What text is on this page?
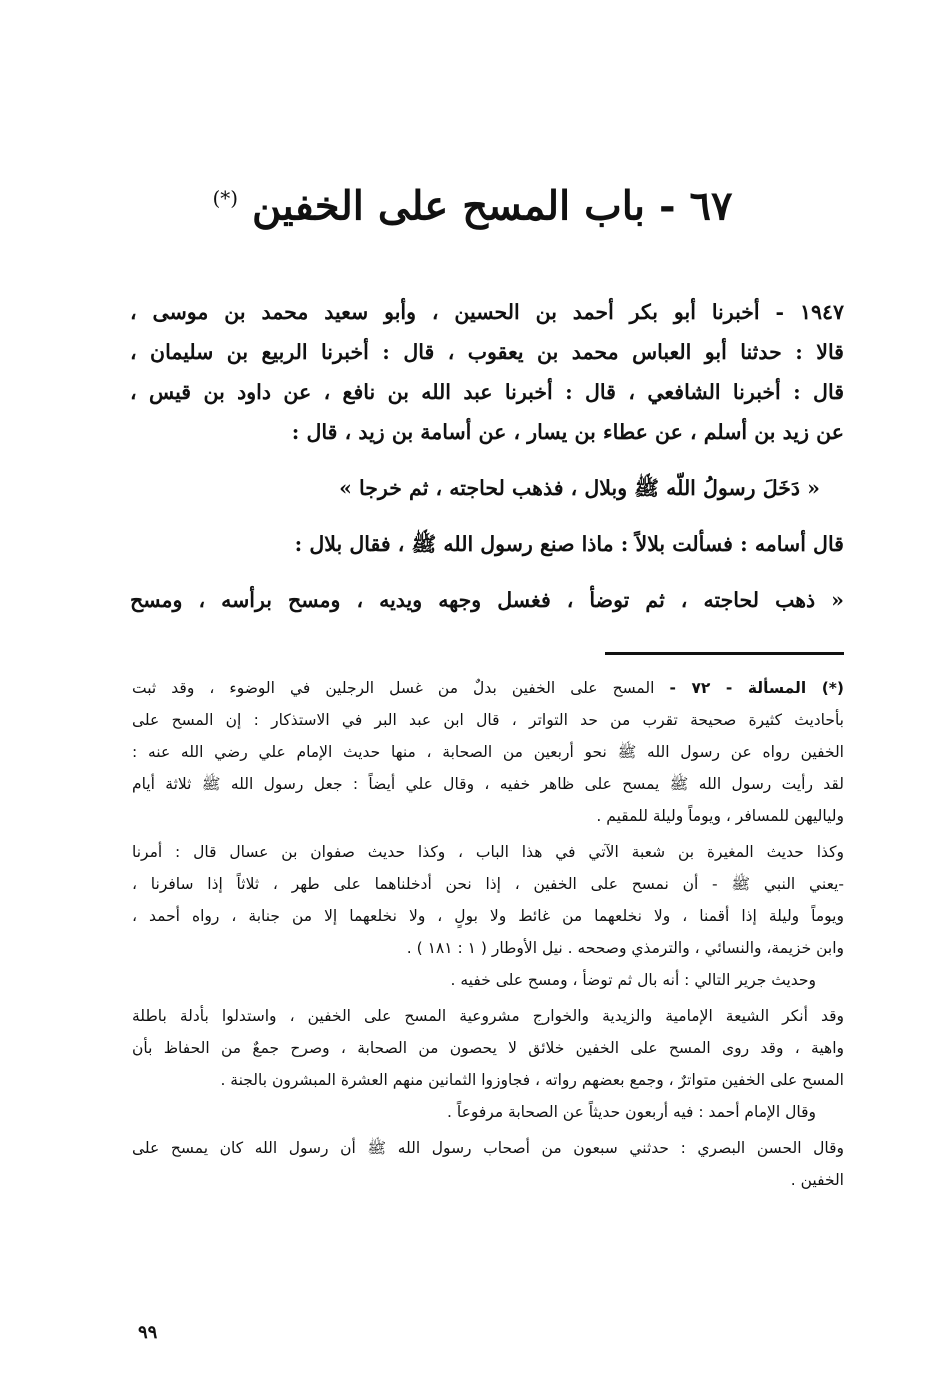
٦٧ - باب المسح على الخفين (*)
١٩٤٧ - أخبرنا أبو بكر أحمد بن الحسين ، وأبو سعيد محمد بن موسى ،
قالا : حدثنا أبو العباس محمد بن يعقوب ، قال : أخبرنا الربيع بن سليمان ،
قال : أخبرنا الشافعي ، قال : أخبرنا عبد الله بن نافع ، عن داود بن قيس ،
عن زيد بن أسلم ، عن عطاء بن يسار ، عن أسامة بن زيد ، قال :
« دَخَلَ رسولُ اللّه ﷺ وبلال ، فذهب لحاجته ، ثم خرجا »
قال أسامه : فسألت بلالاً : ماذا صنع رسول الله ﷺ ، فقال بلال :
« ذهب لحاجته ، ثم توضأ ، فغسل وجهه ويديه ، ومسح برأسه ، ومسح
(*) المسألة - ٧٢ - المسح على الخفين بدلٌ من غسل الرجلين في الوضوء ، وقد ثبت
بأحاديث كثيرة صحيحة تقرب من حد التواتر ، قال ابن عبد البر في الاستذكار : إن المسح على
الخفين رواه عن رسول الله ﷺ نحو أربعين من الصحابة ، منها حديث الإمام علي رضي الله عنه :
لقد رأيت رسول الله ﷺ يمسح على ظاهر خفيه ، وقال علي أيضاً : جعل رسول الله ﷺ ثلاثة أيام
ولياليهن للمسافر ، ويوماً وليلة للمقيم .
وكذا حديث المغيرة بن شعبة الآتي في هذا الباب ، وكذا حديث صفوان بن عسال قال : أمرنا
-يعني النبي ﷺ - أن نمسح على الخفين ، إذا نحن أدخلناهما على طهر ، ثلاثاً إذا سافرنا ،
ويوماً وليلة إذا أقمنا ، ولا نخلعهما من غائط ولا بولٍ ، ولا نخلعهما إلا من جنابة ، رواه أحمد ،
وابن خزيمة، والنسائي ، والترمذي وصححه . نيل الأوطار ( ١ : ١٨١ ) .
وحديث جرير التالي : أنه بال ثم توضأ ، ومسح على خفيه .
وقد أنكر الشيعة الإمامية والزيدية والخوارج مشروعية المسح على الخفين ، واستدلوا بأدلة باطلة
واهية ، وقد روى المسح على الخفين خلائق لا يحصون من الصحابة ، وصرح جمعٌ من الحفاظ بأن
المسح على الخفين متواترٌ ، وجمع بعضهم رواته ، فجاوزوا الثمانين منهم العشرة المبشرون بالجنة .
وقال الإمام أحمد : فيه أربعون حديثاً عن الصحابة مرفوعاً .
وقال الحسن البصري : حدثني سبعون من أصحاب رسول الله ﷺ أن رسول الله كان يمسح على
الخفين .
٩٩
